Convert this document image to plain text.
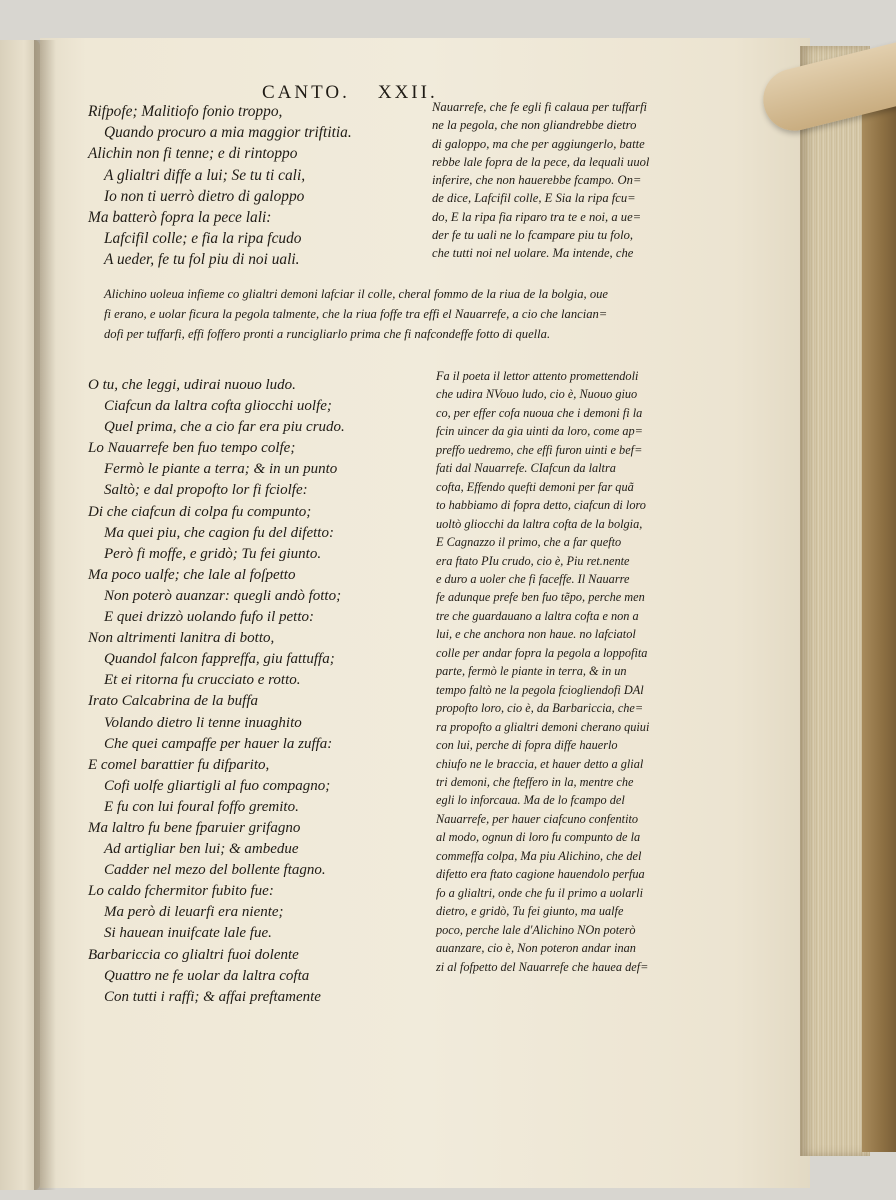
CANTO. XXII.
Rifpofe; Malitiofo fonio troppo,
Quando procuro a mia maggior triftitia.
Alichin non fi tenne; e di rintoppo
A glialtri diffe a lui; Se tu ti cali,
Io non ti uerrò dietro di galoppo
Ma batterò fopra la pece lali:
Lafcifil colle; e fia la ripa fcudo
A ueder, fe tu fol piu di noi uali.
Nauarrefe, che fe egli fi calaua per tuffarfi
ne la pegola, che non gliandrebbe dietro
di galoppo, ma che per aggiungerlo, batte
rebbe lale fopra de la pece, da lequali uuol
inferire, che non hauerebbe fcampo. On=
de dice, Lafcifil colle, E Sia la ripa fcu=
do, E la ripa fia riparo tra te e noi, a ue=
der fe tu uali ne lo fcampare piu tu folo,
che tutti noi nel uolare. Ma intende, che
Alichino uoleua infieme co glialtri demoni lafciar il colle, cheral fommo de la riua de la bolgia, oue
fi erano, e uolar ficura la pegola talmente, che la riua foffe tra effi el Nauarrefe, a cio che lancian=
dofi per tuffarfi, effi foffero pronti a runcigliarlo prima che fi nafcondeffe fotto di quella.
O tu, che leggi, udirai nuouo ludo.
Ciafcun da laltra cofta gliocchi uolfe;
Quel prima, che a cio far era piu crudo.
Lo Nauarrefe ben fuo tempo colfe;
Fermò le piante a terra; & in un punto
Saltò; e dal propofto lor fi fciolfe:
Di che ciafcun di colpa fu compunto;
Ma quei piu, che cagion fu del difetto:
Però fi moffe, e gridò; Tu fei giunto.
Ma poco ualfe; che lale al foſpetto
Non poterò auanzar: quegli andò fotto;
E quei drizzò uolando fufo il petto:
Non altrimenti lanitra di botto,
Quandol falcon fappreffa, giu fattuffa;
Et ei ritorna fu crucciato e rotto.
Irato Calcabrina de la buffa
Volando dietro li tenne inuaghito
Che quei campaffe per hauer la zuffa:
E comel barattier fu difparito,
Cofi uolfe gliartigli al fuo compagno;
E fu con lui foural foffo gremito.
Ma laltro fu bene fparuier grifagno
Ad artigliar ben lui; & ambedue
Cadder nel mezo del bollente ftagno.
Lo caldo fchermitor fubito fue:
Ma però di leuarfi era niente;
Si hauean inuifcate lale fue.
Barbariccia co glialtri fuoi dolente
Quattro ne fe uolar da laltra cofta
Con tutti i raffi; & affai preftamente
Fa il poeta il lettor attento promettendoli
che udira NVouo ludo, cio è, Nuouo giuo
co, per effer cofa nuoua che i demoni fi la
fcin uincer da gia uinti da loro, come ap=
preffo uedremo, che effi furon uinti e bef=
fati dal Nauarrefe. CIafcun da laltra
cofta, Effendo quefti demoni per far quã
to habbiamo di fopra detto, ciafcun di loro
uoltò gliocchi da laltra cofta de la bolgia,
E Cagnazzo il primo, che a far quefto
era ftato PIu crudo, cio è, Piu ret.nente
e duro a uoler che fi faceffe. Il Nauarre
fe adunque prefe ben fuo tẽpo, perche men
tre che guardauano a laltra cofta e non a
lui, e che anchora non haue. no lafciatol
colle per andar fopra la pegola a loppofita
parte, fermò le piante in terra, & in un
tempo faltò ne la pegola fciogliendofi DAl
propofto loro, cio è, da Barbariccia, che=
ra propofto a glialtri demoni cherano quiui
con lui, perche di fopra diffe hauerlo
chiufo ne le braccia, et hauer detto a glial
tri demoni, che fteffero in la, mentre che
egli lo inforcaua. Ma de lo fcampo del
Nauarrefe, per hauer ciafcuno confentito
al modo, ognun di loro fu compunto de la
commeffa colpa, Ma piu Alichino, che del
difetto era ftato cagione hauendolo perfua
fo a glialtri, onde che fu il primo a uolarli
dietro, e gridò, Tu fei giunto, ma ualfe
poco, perche lale d'Alichino NOn poterò
auanzare, cio è, Non poteron andar inan
zi al fofpetto del Nauarrefe che hauea def=
